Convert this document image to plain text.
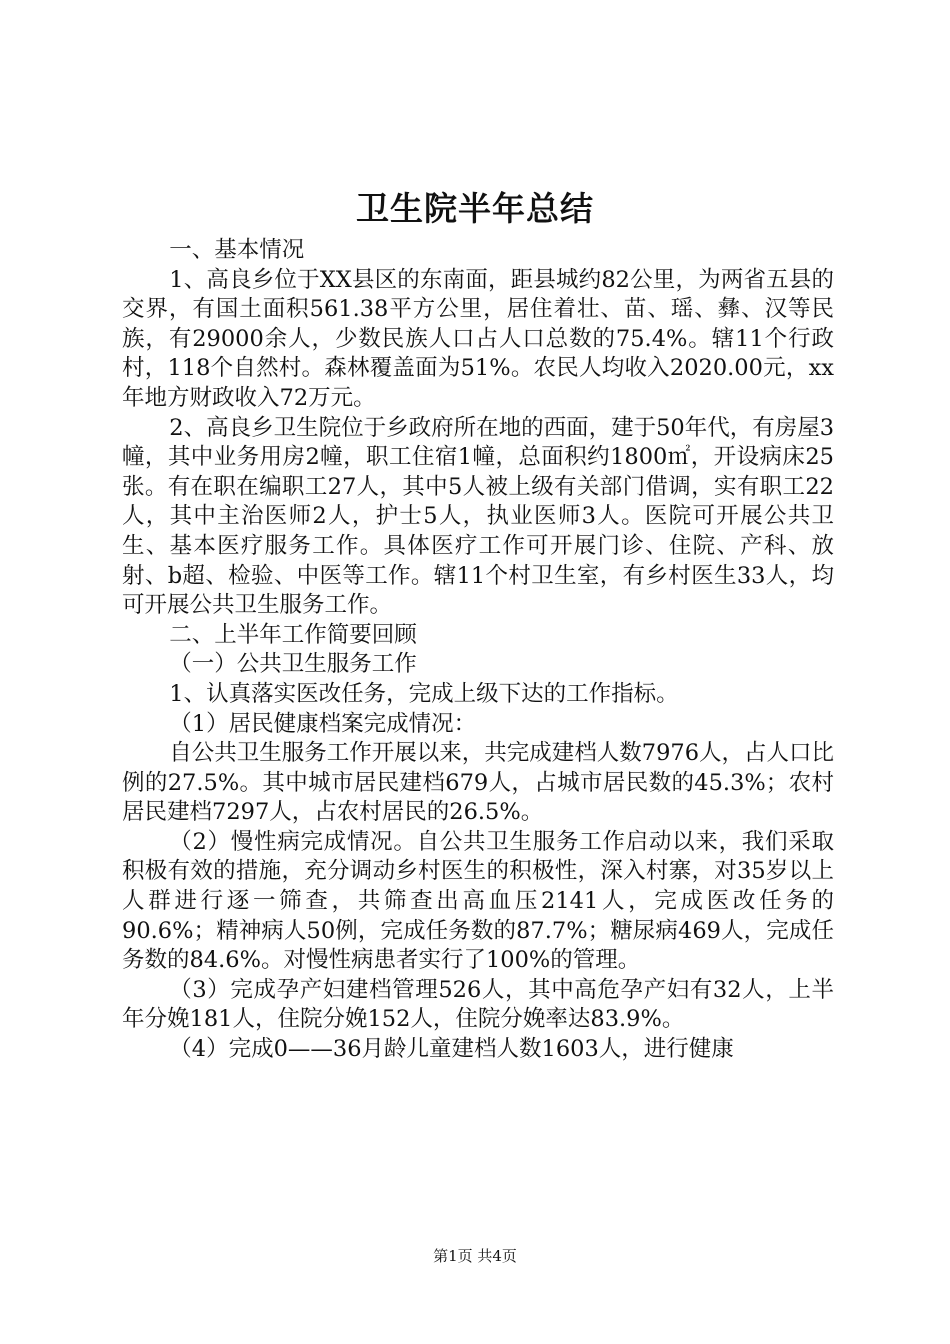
卫生院半年总结

一、基本情况

1、高良乡位于XX县区的东南面，距县城约82公里，为两省五县的交界，有国土面积561.38平方公里，居住着壮、苗、瑶、彝、汉等民族，有29000余人，少数民族人口占人口总数的75.4%。辖11个行政村，118个自然村。森林覆盖面为51%。农民人均收入2020.00元，xx年地方财政收入72万元。

2、高良乡卫生院位于乡政府所在地的西面，建于50年代，有房屋3幢，其中业务用房2幢，职工住宿1幢，总面积约1800㎡，开设病床25张。有在职在编职工27人，其中5人被上级有关部门借调，实有职工22人，其中主治医师2人，护士5人，执业医师3人。医院可开展公共卫生、基本医疗服务工作。具体医疗工作可开展门诊、住院、产科、放射、b超、检验、中医等工作。辖11个村卫生室，有乡村医生33人，均可开展公共卫生服务工作。

二、上半年工作简要回顾

（一）公共卫生服务工作

1、认真落实医改任务，完成上级下达的工作指标。

（1）居民健康档案完成情况：

自公共卫生服务工作开展以来，共完成建档人数7976人，占人口比例的27.5%。其中城市居民建档679人，占城市居民数的45.3%；农村居民建档7297人，占农村居民的26.5%。

（2）慢性病完成情况。自公共卫生服务工作启动以来，我们采取积极有效的措施，充分调动乡村医生的积极性，深入村寨，对35岁以上人群进行逐一筛查，共筛查出高血压2141人，完成医改任务的90.6%；精神病人50例，完成任务数的87.7%；糖尿病469人，完成任务数的84.6%。对慢性病患者实行了100%的管理。

（3）完成孕产妇建档管理526人，其中高危孕产妇有32人，上半年分娩181人，住院分娩152人，住院分娩率达83.9%。

（4）完成0——36月龄儿童建档人数1603人，进行健康

第1页 共4页
